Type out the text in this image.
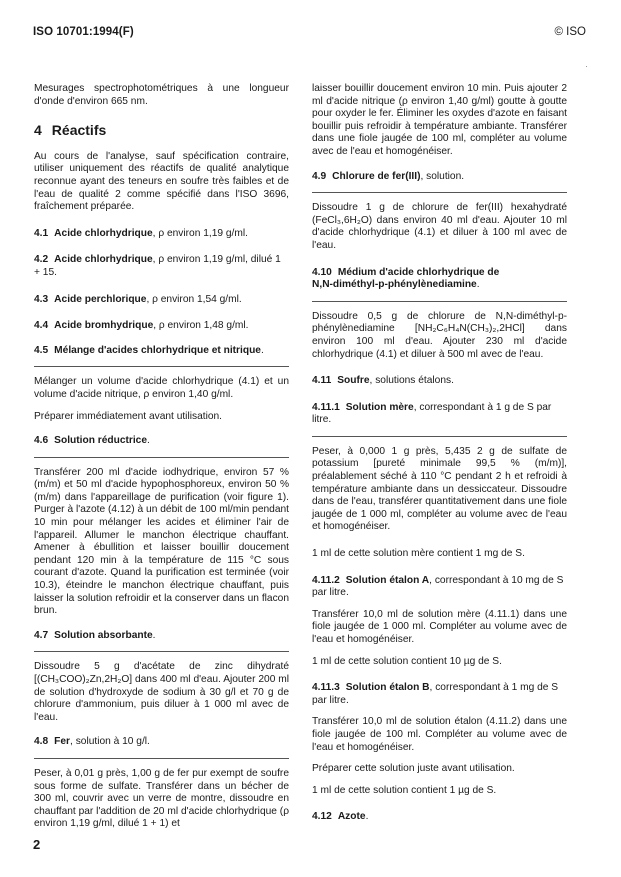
ISO 10701:1994(F)	© ISO

Mesurages spectrophotométriques à une longueur d'onde d'environ 665 nm.

4 Réactifs

Au cours de l'analyse, sauf spécification contraire, utiliser uniquement des réactifs de qualité analytique reconnue ayant des teneurs en soufre très faibles et de l'eau de qualité 2 comme spécifié dans l'ISO 3696, fraîchement préparée.

4.1 Acide chlorhydrique, ρ environ 1,19 g/ml.
4.2 Acide chlorhydrique, ρ environ 1,19 g/ml, dilué 1 + 15.
4.3 Acide perchlorique, ρ environ 1,54 g/ml.
4.4 Acide bromhydrique, ρ environ 1,48 g/ml.
4.5 Mélange d'acides chlorhydrique et nitrique.

Mélanger un volume d'acide chlorhydrique (4.1) et un volume d'acide nitrique, ρ environ 1,40 g/ml.

Préparer immédiatement avant utilisation.

4.6 Solution réductrice.

Transférer 200 ml d'acide iodhydrique, environ 57 % (m/m) et 50 ml d'acide hypophosphoreux, environ 50 % (m/m) dans l'appareillage de purification (voir figure 1). Purger à l'azote (4.12) à un débit de 100 ml/min pendant 10 min pour mélanger les acides et éliminer l'air de l'appareil. Allumer le manchon électrique chauffant. Amener à ébullition et laisser bouillir doucement pendant 120 min à la température de 115 °C sous courant d'azote. Quand la purification est terminée (voir 10.3), éteindre le manchon électrique chauffant, puis laisser la solution refroidir et la conserver dans un flacon brun.

4.7 Solution absorbante.

Dissoudre 5 g d'acétate de zinc dihydraté [(CH₃COO)₂Zn,2H₂O] dans 400 ml d'eau. Ajouter 200 ml de solution d'hydroxyde de sodium à 30 g/l et 70 g de chlorure d'ammonium, puis diluer à 1 000 ml avec de l'eau.

4.8 Fer, solution à 10 g/l.

Peser, à 0,01 g près, 1,00 g de fer pur exempt de soufre sous forme de sulfate. Transférer dans un bécher de 300 ml, couvrir avec un verre de montre, dissoudre en chauffant par l'addition de 20 ml d'acide chlorhydrique (ρ environ 1,19 g/ml, dilué 1 + 1) et

laisser bouillir doucement environ 10 min. Puis ajouter 2 ml d'acide nitrique (ρ environ 1,40 g/ml) goutte à goutte pour oxyder le fer. Éliminer les oxydes d'azote en faisant bouillir puis refroidir à température ambiante. Transférer dans une fiole jaugée de 100 ml, compléter au volume avec de l'eau et homogénéiser.

4.9 Chlorure de fer(III), solution.

Dissoudre 1 g de chlorure de fer(III) hexahydraté (FeCl₃,6H₂O) dans environ 40 ml d'eau. Ajouter 10 ml d'acide chlorhydrique (4.1) et diluer à 100 ml avec de l'eau.

4.10 Médium d'acide chlorhydrique de
N,N-diméthyl-p-phénylènediamine.

Dissoudre 0,5 g de chlorure de N,N-diméthyl-p-phénylènediamine [NH₂C₆H₄N(CH₃)₂,2HCl] dans environ 100 ml d'eau. Ajouter 230 ml d'acide chlorhydrique (4.1) et diluer à 500 ml avec de l'eau.

4.11 Soufre, solutions étalons.
4.11.1 Solution mère, correspondant à 1 g de S par litre.

Peser, à 0,000 1 g près, 5,435 2 g de sulfate de potassium [pureté minimale 99,5 % (m/m)], préalablement séché à 110 °C pendant 2 h et refroidi à température ambiante dans un dessiccateur. Dissoudre dans de l'eau, transférer quantitativement dans une fiole jaugée de 1 000 ml, compléter au volume avec de l'eau et homogénéiser.

1 ml de cette solution mère contient 1 mg de S.

4.11.2 Solution étalon A, correspondant à 10 mg de S par litre.

Transférer 10,0 ml de solution mère (4.11.1) dans une fiole jaugée de 1 000 ml. Compléter au volume avec de l'eau et homogénéiser.

1 ml de cette solution contient 10 µg de S.

4.11.3 Solution étalon B, correspondant à 1 mg de S par litre.

Transférer 10,0 ml de solution étalon (4.11.2) dans une fiole jaugée de 100 ml. Compléter au volume avec de l'eau et homogénéiser.

Préparer cette solution juste avant utilisation.

1 ml de cette solution contient 1 µg de S.

4.12 Azote.
2
